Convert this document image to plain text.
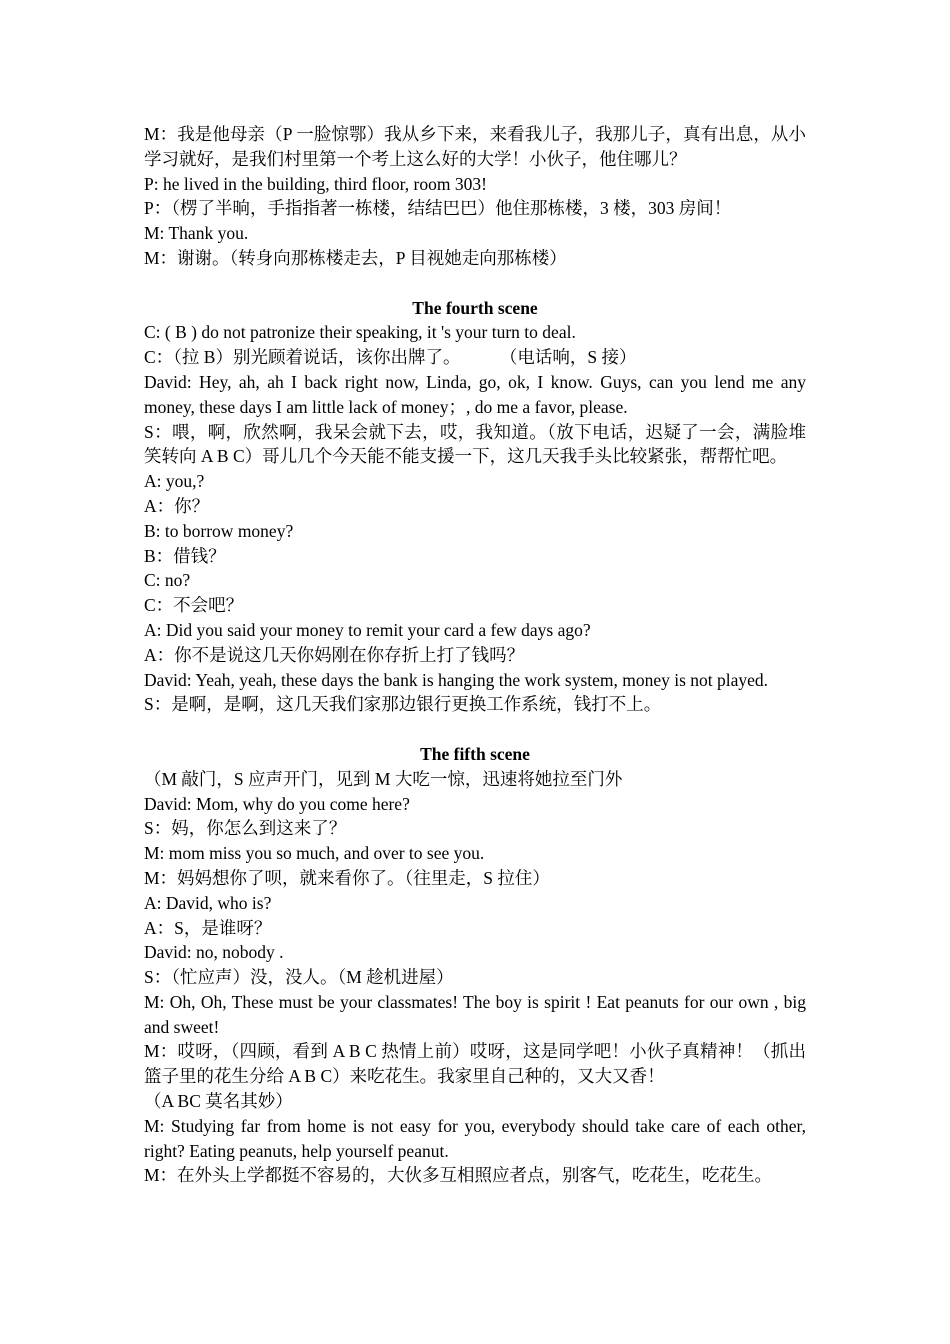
M：我是他母亲（P 一脸惊鄂）我从乡下来，来看我儿子，我那儿子，真有出息，从小学习就好，是我们村里第一个考上这么好的大学！小伙子，他住哪儿？

P: he lived in the building, third floor, room 303!

P：（楞了半晌，手指指著一栋楼，结结巴巴）他住那栋楼，3 楼，303 房间！

M: Thank you.

M：谢谢。（转身向那栋楼走去，P 目视她走向那栋楼）

The fourth scene

C: ( B ) do not patronize their speaking, it 's your turn to deal.

C：（拉 B）别光顾着说话，该你出牌了。         （电话响，S 接）

David: Hey, ah, ah I back right now, Linda, go, ok, I know. Guys, can you lend me any money, these days I am little lack of money；, do me a favor, please.

S：喂，啊，欣然啊，我呆会就下去，哎，我知道。（放下电话，迟疑了一会，满脸堆笑转向 A B C）哥儿几个今天能不能支援一下，这几天我手头比较紧张，帮帮忙吧。

A: you,?

A：你？

B: to borrow money?

B：借钱？

C: no?

C：不会吧？

A: Did you said your money to remit your card a few days ago?

A：你不是说这几天你妈刚在你存折上打了钱吗？

David: Yeah, yeah, these days the bank is hanging the work system, money is not played.

S：是啊，是啊，这几天我们家那边银行更换工作系统，钱打不上。

The fifth scene

（M 敲门，S 应声开门，见到 M 大吃一惊，迅速将她拉至门外

David: Mom, why do you come here?

S：妈，你怎么到这来了？

M: mom miss you so much, and over to see you.

M：妈妈想你了呗，就来看你了。（往里走，S 拉住）

A: David, who is?

A：S，是谁呀？

David: no, nobody .

S：（忙应声）没，没人。（M 趁机进屋）

M: Oh, Oh, These must be your classmates! The boy is spirit ! Eat peanuts for our own , big and sweet!

M：哎呀，（四顾，看到 A B C 热情上前）哎呀，这是同学吧！小伙子真精神！（抓出篮子里的花生分给 A B C）来吃花生。我家里自己种的，又大又香！

（A BC 莫名其妙）

M: Studying far from home is not easy for you, everybody should take care of each other, right? Eating peanuts, help yourself peanut.

M：在外头上学都挺不容易的，大伙多互相照应者点，别客气，吃花生，吃花生。
